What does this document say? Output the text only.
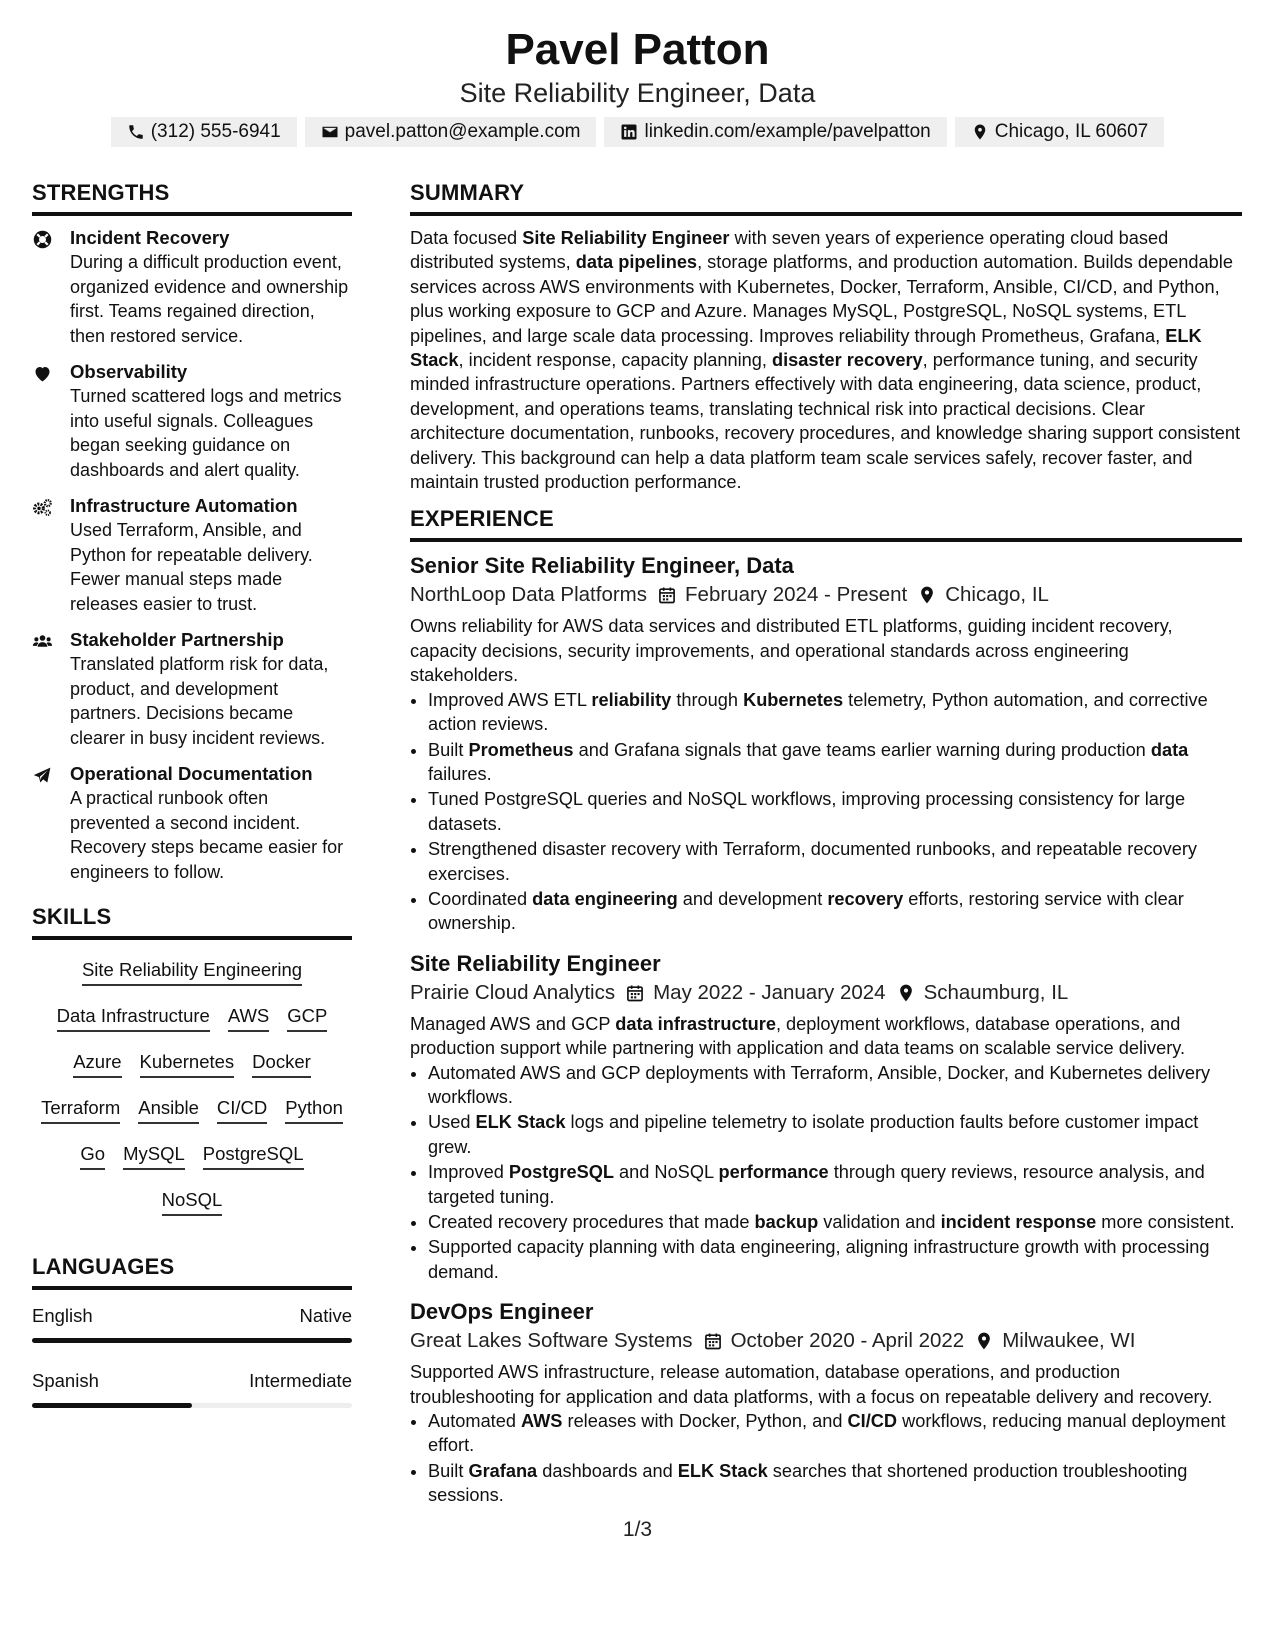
Pavel Patton
Site Reliability Engineer, Data
(312) 555-6941	pavel.patton@example.com	linkedin.com/example/pavelpatton	Chicago, IL 60607
STRENGTHS
Incident Recovery
During a difficult production event, organized evidence and ownership first. Teams regained direction, then restored service.
Observability
Turned scattered logs and metrics into useful signals. Colleagues began seeking guidance on dashboards and alert quality.
Infrastructure Automation
Used Terraform, Ansible, and Python for repeatable delivery. Fewer manual steps made releases easier to trust.
Stakeholder Partnership
Translated platform risk for data, product, and development partners. Decisions became clearer in busy incident reviews.
Operational Documentation
A practical runbook often prevented a second incident. Recovery steps became easier for engineers to follow.
SKILLS
Site Reliability Engineering
Data Infrastructure AWS GCP
Azure Kubernetes Docker
Terraform Ansible CI/CD Python
Go MySQL PostgreSQL
NoSQL
LANGUAGES
English	Native
Spanish	Intermediate
SUMMARY
Data focused Site Reliability Engineer with seven years of experience operating cloud based distributed systems, data pipelines, storage platforms, and production automation. Builds dependable services across AWS environments with Kubernetes, Docker, Terraform, Ansible, CI/CD, and Python, plus working exposure to GCP and Azure. Manages MySQL, PostgreSQL, NoSQL systems, ETL pipelines, and large scale data processing. Improves reliability through Prometheus, Grafana, ELK Stack, incident response, capacity planning, disaster recovery, performance tuning, and security minded infrastructure operations. Partners effectively with data engineering, data science, product, development, and operations teams, translating technical risk into practical decisions. Clear architecture documentation, runbooks, recovery procedures, and knowledge sharing support consistent delivery. This background can help a data platform team scale services safely, recover faster, and maintain trusted production performance.
EXPERIENCE
Senior Site Reliability Engineer, Data
NorthLoop Data Platforms February 2024 - Present Chicago, IL
Owns reliability for AWS data services and distributed ETL platforms, guiding incident recovery, capacity decisions, security improvements, and operational standards across engineering stakeholders.
• Improved AWS ETL reliability through Kubernetes telemetry, Python automation, and corrective action reviews.
• Built Prometheus and Grafana signals that gave teams earlier warning during production data failures.
• Tuned PostgreSQL queries and NoSQL workflows, improving processing consistency for large datasets.
• Strengthened disaster recovery with Terraform, documented runbooks, and repeatable recovery exercises.
• Coordinated data engineering and development recovery efforts, restoring service with clear ownership.
Site Reliability Engineer
Prairie Cloud Analytics May 2022 - January 2024 Schaumburg, IL
Managed AWS and GCP data infrastructure, deployment workflows, database operations, and production support while partnering with application and data teams on scalable service delivery.
• Automated AWS and GCP deployments with Terraform, Ansible, Docker, and Kubernetes delivery workflows.
• Used ELK Stack logs and pipeline telemetry to isolate production faults before customer impact grew.
• Improved PostgreSQL and NoSQL performance through query reviews, resource analysis, and targeted tuning.
• Created recovery procedures that made backup validation and incident response more consistent.
• Supported capacity planning with data engineering, aligning infrastructure growth with processing demand.
DevOps Engineer
Great Lakes Software Systems October 2020 - April 2022 Milwaukee, WI
Supported AWS infrastructure, release automation, database operations, and production troubleshooting for application and data platforms, with a focus on repeatable delivery and recovery.
• Automated AWS releases with Docker, Python, and CI/CD workflows, reducing manual deployment effort.
• Built Grafana dashboards and ELK Stack searches that shortened production troubleshooting sessions.
1/3
